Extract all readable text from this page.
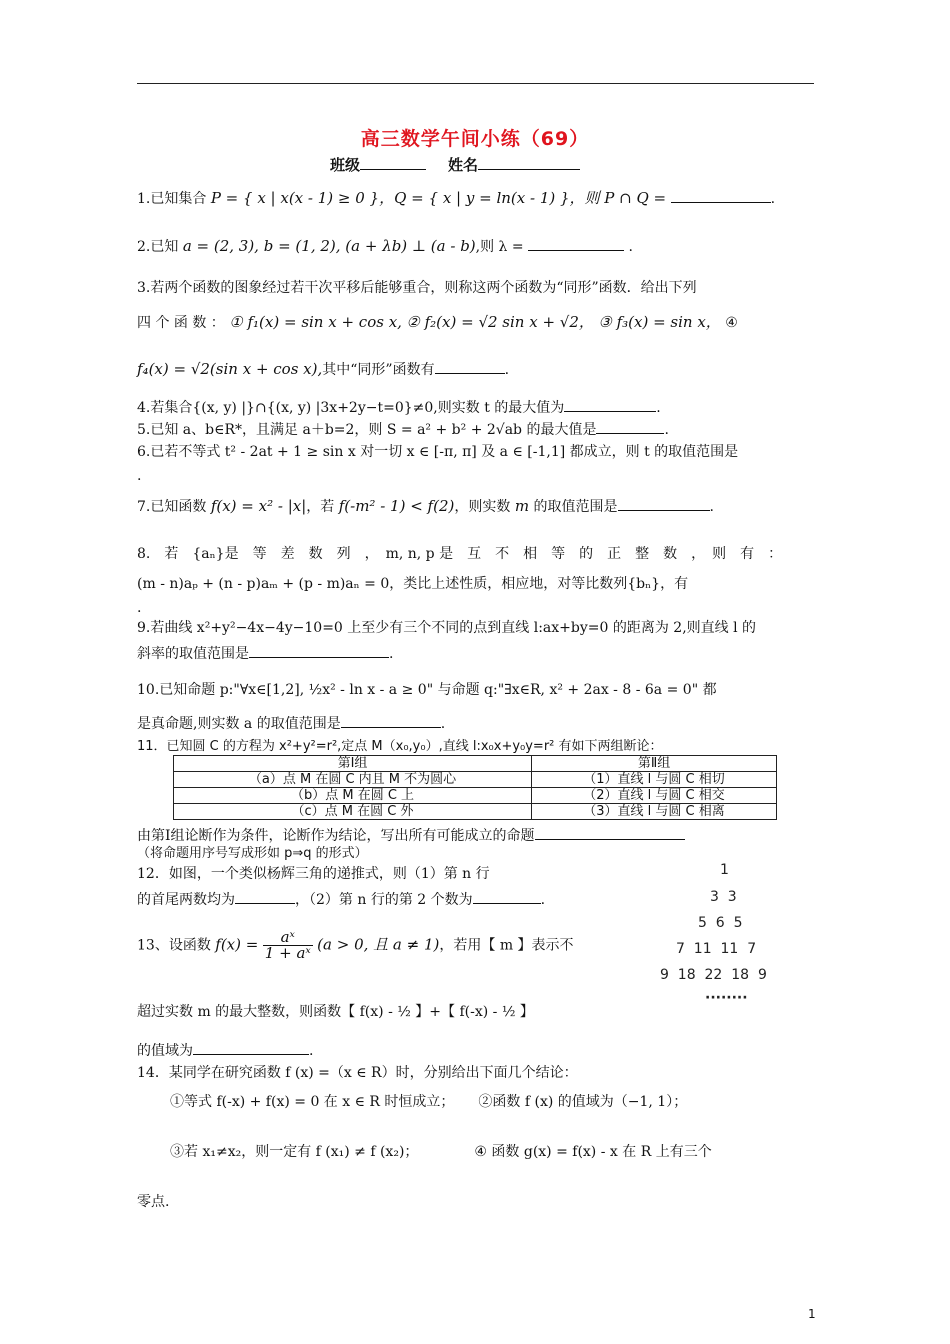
高三数学午间小练（69）
班级	姓名
1.已知集合 P = { x | x(x - 1) ≥ 0 }，Q = { x | y = ln(x - 1) }，则 P ∩ Q =	.
2.已知 a = (2, 3), b = (1, 2), (a + λb) ⊥ (a - b),则 λ =	.
3.若两个函数的图象经过若干次平移后能够重合，则称这两个函数为“同形”函数．给出下列
四 个 函 数 ： ① f₁(x) = sin x + cos x, ② f₂(x) = √2 sin x + √2， ③ f₃(x) = sin x， ④
f₄(x) = √2(sin x + cos x),其中“同形”函数有	.
4.若集合{(x, y) |}∩{(x, y) |3x+2y−t=0}≠0,则实数 t 的最大值为	.
5.已知 a、b∈R*，且满足 a＋b=2，则 S = a² + b² + 2√ab 的最大值是	.
6.已若不等式 t² - 2at + 1 ≥ sin x 对一切 x ∈ [-π, π] 及 a ∈ [-1,1] 都成立，则 t 的取值范围是
.
7.已知函数 f(x) = x² - |x|，若 f(-m² - 1) < f(2)，则实数 m 的取值范围是	.
8.　若　{aₙ}是　等　差　数　列　，　m, n, p 是　互　不　相　等　的　正　整　数　，　则　有　：
(m - n)aₚ + (n - p)aₘ + (p - m)aₙ = 0，类比上述性质，相应地，对等比数列{bₙ}，有
.
9.若曲线 x²+y²−4x−4y−10=0 上至少有三个不同的点到直线 l:ax+by=0 的距离为 2,则直线 l 的
斜率的取值范围是	.
10.已知命题 p:"∀x∈[1,2], ½x² - ln x - a ≥ 0" 与命题 q:"∃x∈R, x² + 2ax - 8 - 6a = 0" 都
是真命题,则实数 a 的取值范围是	.
11．已知圆 C 的方程为 x²+y²=r²,定点 M（x₀,y₀）,直线 l:x₀x+y₀y=r² 有如下两组断论：
第Ⅰ组	第Ⅱ组
（a）点 M 在圆 C 内且 M 不为圆心	（1）直线 l 与圆 C 相切
（b）点 M 在圆 C 上	（2）直线 l 与圆 C 相交
（c）点 M 在圆 C 外	（3）直线 l 与圆 C 相离
由第Ⅰ组论断作为条件，论断作为结论，写出所有可能成立的命题
（将命题用序号写成形如 p⇒q 的形式）
12．如图，一个类似杨辉三角的递推式，则（1）第 n 行
的首尾两数均为	，（2）第 n 行的第 2 个数为	.
1
3  3
5  6  5
7  11  11  7
9  18  22  18  9
········
13、设函数 $f(x) = \frac{\text{aˣ}}{\text{1 + aˣ}} (a > 0$, 且 a ≠ 1)，若用【 m 】表示不
超过实数 m 的最大整数，则函数【 f(x) - ½ 】+【 f(-x) - ½ 】
的值域为	.
14．某同学在研究函数 f (x) =（x ∈ R）时，分别给出下面几个结论：
①等式 f(-x) + f(x) = 0 在 x ∈ R 时恒成立； ②函数 f (x) 的值域为（−1, 1）；
③若 x₁≠x₂，则一定有 f (x₁) ≠ f (x₂)；	④ 函数 g(x) = f(x) - x 在 R 上有三个
零点.
1
